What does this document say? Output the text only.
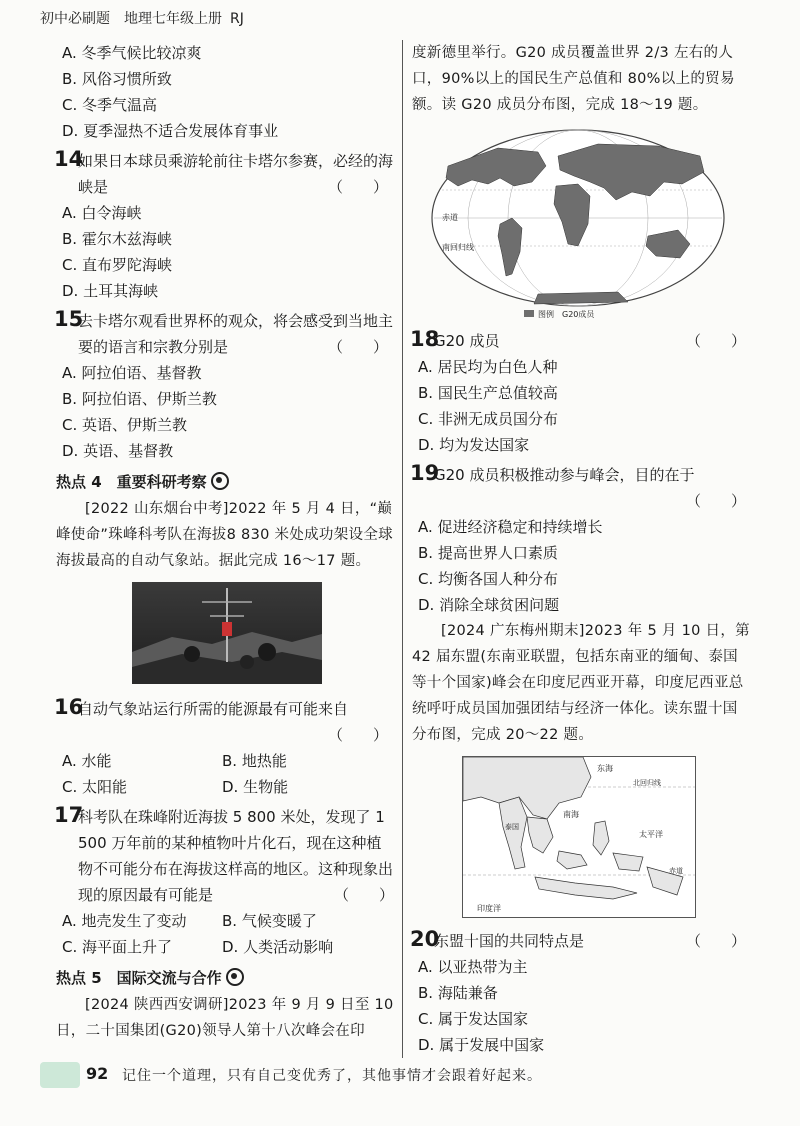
初中必刷题　地理七年级上册 RJ
A. 冬季气候比较凉爽
B. 风俗习惯所致
C. 冬季气温高
D. 夏季湿热不适合发展体育事业
14
如果日本球员乘游轮前往卡塔尔参赛，必经的海峡是	（　　）
A. 白令海峡
B. 霍尔木兹海峡
C. 直布罗陀海峡
D. 土耳其海峡
15
去卡塔尔观看世界杯的观众，将会感受到当地主要的语言和宗教分别是	（　　）
A. 阿拉伯语、基督教
B. 阿拉伯语、伊斯兰教
C. 英语、伊斯兰教
D. 英语、基督教
热点 4　重要科研考察
[2022 山东烟台中考]2022 年 5 月 4 日，“巅峰使命”珠峰科考队在海拔8 830 米处成功架设全球海拔最高的自动气象站。据此完成 16～17 题。
16
自动气象站运行所需的能源最有可能来自
（　　）
A. 水能	B. 地热能
C. 太阳能	D. 生物能
17
科考队在珠峰附近海拔 5 800 米处，发现了 1 500 万年前的某种植物叶片化石，现在这种植物不可能分布在海拔这样高的地区。这种现象出现的原因最有可能是	（　　）
A. 地壳发生了变动	B. 气候变暖了
C. 海平面上升了	D. 人类活动影响
热点 5　国际交流与合作
[2024 陕西西安调研]2023 年 9 月 9 日至 10 日，二十国集团(G20)领导人第十八次峰会在印
度新德里举行。G20 成员覆盖世界 2/3 左右的人口，90%以上的国民生产总值和 80%以上的贸易额。读 G20 成员分布图，完成 18～19 题。
赤道
南回归线
图例　G20成员
18
G20 成员	（　　）
A. 居民均为白色人种
B. 国民生产总值较高
C. 非洲无成员国分布
D. 均为发达国家
19
G20 成员积极推动参与峰会，目的在于
（　　）
A. 促进经济稳定和持续增长
B. 提高世界人口素质
C. 均衡各国人种分布
D. 消除全球贫困问题
[2024 广东梅州期末]2023 年 5 月 10 日，第 42 届东盟(东南亚联盟，包括东南亚的缅甸、泰国等十个国家)峰会在印度尼西亚开幕，印度尼西亚总统呼吁成员国加强团结与经济一体化。读东盟十国分布图，完成 20～22 题。
东海
北回归线
南海
泰国
太平洋
赤道
印度洋
20
东盟十国的共同特点是	（　　）
A. 以亚热带为主
B. 海陆兼备
C. 属于发达国家
D. 属于发展中国家
92 记住一个道理，只有自己变优秀了，其他事情才会跟着好起来。
